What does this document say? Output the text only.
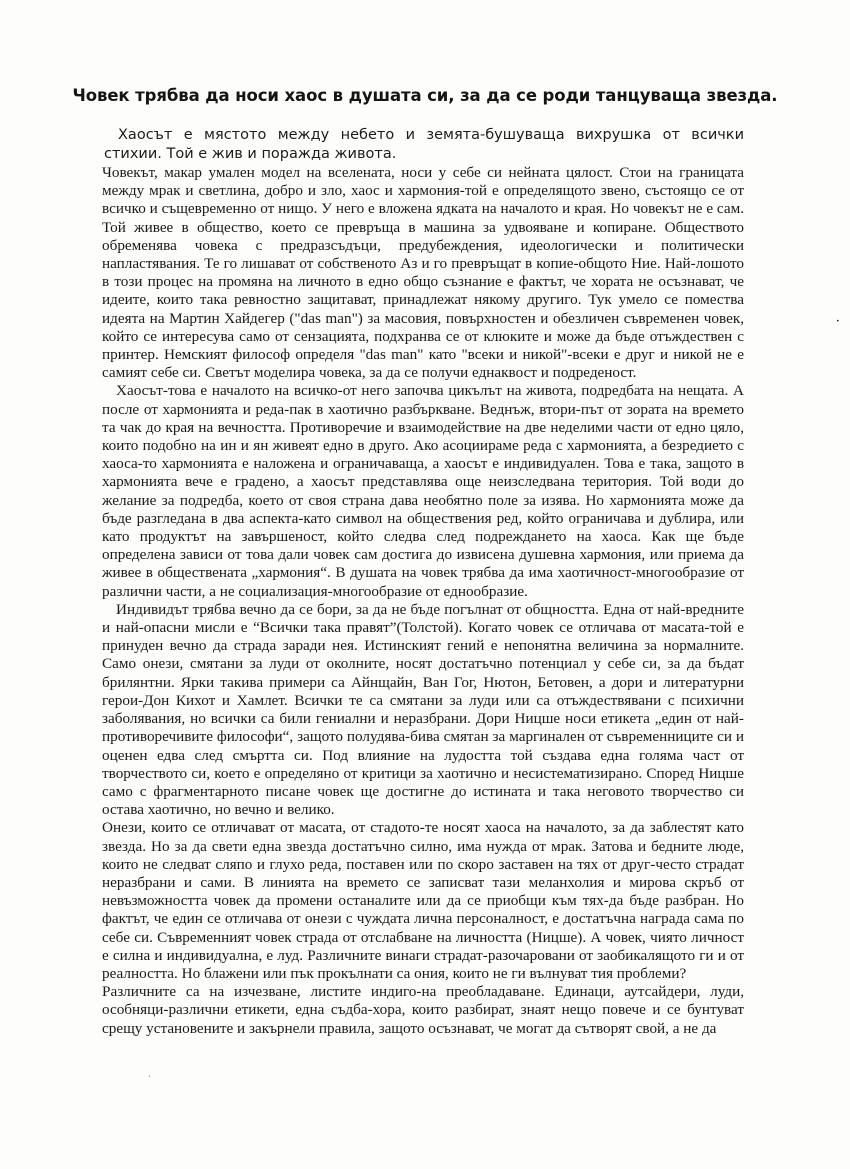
Човек трябва да носи хаос в душата си, за да се роди танцуваща звезда.

Хаосът е мястото между небето и земята-бушуваща вихрушка от всички стихии. Той е жив и поражда живота.

Човекът, макар умален модел на вселената, носи у себе си нейната цялост. Стои на границата между мрак и светлина, добро и зло, хаос и хармония-той е определящото звено, състоящо се от всичко и същевременно от нищо. У него е вложена ядката на началото и края. Но човекът не е сам. Той живее в общество, което се превръща в машина за удвояване и копиране. Обществото обременява човека с предразсъдъци, предубеждения, идеологически и политически напластявания. Те го лишават от собственото Аз и го превръщат в копие-общото Ние. Най-лошото в този процес на промяна на личното в едно общо съзнание е фактът, че хората не осъзнават, че идеите, които така ревностно защитават, принадлежат някому другиго. Тук умело се помества идеята на Мартин Хайдегер ("das man") за масовия, повърхностен и обезличен съвременен човек, който се интересува само от сензацията, подхранва се от клюките и може да бъде отъждествен с принтер. Немският философ определя "das man" като "всеки и никой"-всеки е друг и никой не е самият себе си. Светът моделира човека, за да се получи еднаквост и подреденост.

Хаосът-това е началото на всичко-от него започва цикълът на живота, подредбата на нещата. А после от хармонията и реда-пак в хаотично разбъркване. Веднъж, втори-път от зората на времето та чак до края на вечността. Противоречие и взаимодействие на две неделими части от едно цяло, които подобно на ин и ян живеят едно в друго. Ако асоциираме реда с хармонията, а безредието с хаоса-то хармонията е наложена и ограничаваща, а хаосът е индивидуален. Това е така, защото в хармонията вече е градено, а хаосът представлява още неизследвана територия. Той води до желание за подредба, което от своя страна дава необятно поле за изява. Но хармонията може да бъде разгледана в два аспекта-като символ на обществения ред, който ограничава и дублира, или като продуктът на завършеност, който следва след подреждането на хаоса. Как ще бъде определена зависи от това дали човек сам достига до извисена душевна хармония, или приема да живее в обществената „хармония“. В душата на човек трябва да има хаотичност-многообразие от различни части, а не социализация-многообразие от еднообразие.

Индивидът трябва вечно да се бори, за да не бъде погълнат от общността. Една от най-вредните и най-опасни мисли е “Всички така правят”(Толстой). Когато човек се отличава от масата-той е принуден вечно да страда заради нея. Истинският гений е непонятна величина за нормалните. Само онези, смятани за луди от околните, носят достатъчно потенциал у себе си, за да бъдат брилянтни. Ярки такива примери са Айнщайн, Ван Гог, Нютон, Бетовен, а дори и литературни герои-Дон Кихот и Хамлет. Всички те са смятани за луди или са отъждествявани с психични заболявания, но всички са били гениални и неразбрани. Дори Ницше носи етикета „един от най-противоречивите философи“, защото полудява-бива смятан за маргинален от съвременниците си и оценен едва след смъртта си. Под влияние на лудостта той създава една голяма част от творчеството си, което е определяно от критици за хаотично и несистематизирано. Според Ницше само с фрагментарното писане човек ще достигне до истината и така неговото творчество си остава хаотично, но вечно и велико.

Онези, които се отличават от масата, от стадото-те носят хаоса на началото, за да заблестят като звезда. Но за да свети една звезда достатъчно силно, има нужда от мрак. Затова и бедните люде, които не следват сляпо и глухо реда, поставен или по скоро заставен на тях от друг-често страдат неразбрани и сами. В линията на времето се записват тази меланхолия и мирова скръб от невъзможността човек да промени останалите или да се приобщи към тях-да бъде разбран. Но фактът, че един се отличава от онези с чуждата лична персоналност, е достатъчна награда сама по себе си. Съвременният човек страда от отслабване на личността (Ницше). А човек, чиято личност е силна и индивидуална, е луд. Различните винаги страдат-разочаровани от заобикалящото ги и от реалността. Но блажени или пък прокълнати са ония, които не ги вълнуват тия проблеми?

Различните са на изчезване, листите индиго-на преобладаване. Единаци, аутсайдери, луди, особняци-различни етикети, една съдба-хора, които разбират, знаят нещо повече и се бунтуват срещу установените и закърнели правила, защото осъзнават, че могат да сътворят свой, а не да

•
•
